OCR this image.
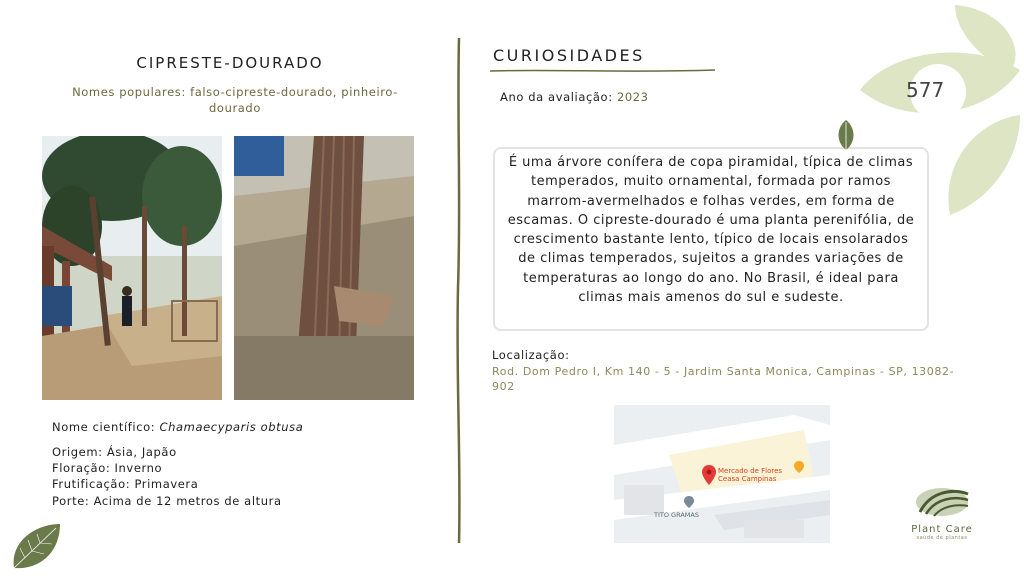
CIPRESTE-DOURADO
Nomes populares: falso-cipreste-dourado, pinheiro-dourado
Nome científico: Chamaecyparis obtusa
Origem: Ásia, Japão
Floração: Inverno
Frutificação: Primavera
Porte: Acima de 12 metros de altura
CURIOSIDADES
Ano da avaliação: 2023
É uma árvore conífera de copa piramidal, típica de climas temperados, muito ornamental, formada por ramos marrom-avermelhados e folhas verdes, em forma de escamas. O cipreste-dourado é uma planta perenifólia, de crescimento bastante lento, típico de locais ensolarados de climas temperados, sujeitos a grandes variações de temperaturas ao longo do ano. No Brasil, é ideal para climas mais amenos do sul e sudeste.
Localização:
Rod. Dom Pedro I, Km 140 - 5 - Jardim Santa Monica, Campinas - SP, 13082-902
Mercado de Flores
Ceasa Campinas
TITO GRAMAS
577
Plant Care
saúde de plantas
